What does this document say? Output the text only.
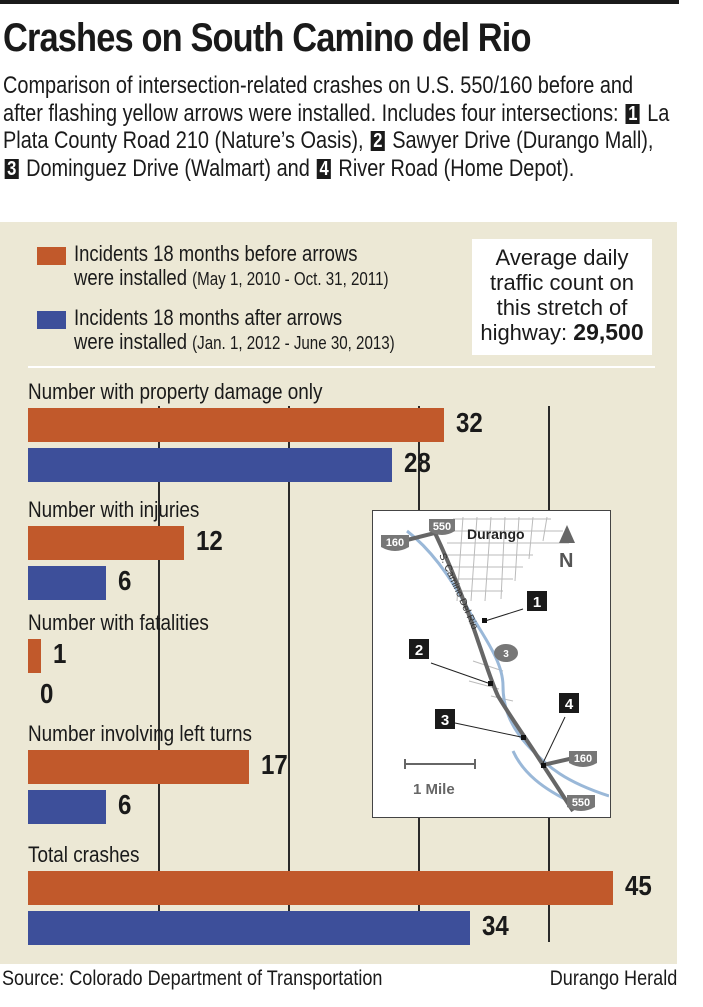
Crashes on South Camino del Rio
Comparison of intersection-related crashes on U.S. 550/160 before and after flashing yellow arrows were installed. Includes four intersections: 1 La Plata County Road 210 (Nature’s Oasis), 2 Sawyer Drive (Durango Mall), 3 Dominguez Drive (Walmart) and 4 River Road (Home Depot).
Incidents 18 months before arrows
were installed (May 1, 2010 - Oct. 31, 2011)
Incidents 18 months after arrows
were installed (Jan. 1, 2012 - June 30, 2013)
Average daily
traffic count on
this stretch of
highway: 29,500
Number with property damage only
32
28
Number with injuries
12
6
Number with fatalities
1
0
Number involving left turns
17
6
Total crashes
45
34
S. Camino Del Rio
Durango
N
550
160
3
160
550
1
2
3
4
1 Mile
Source: Colorado Department of Transportation	Durango Herald
